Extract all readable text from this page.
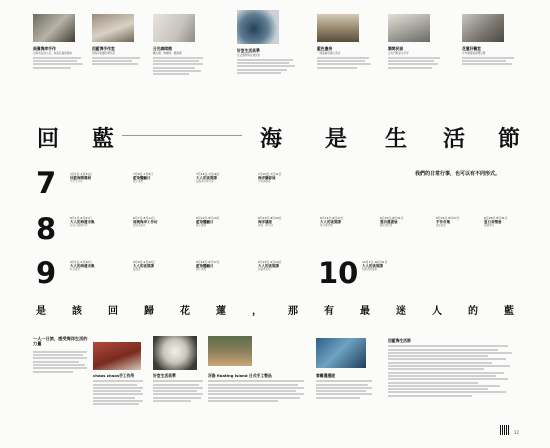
南濱海岸手作
以海為名的小店，收集花蓮的海味
回藍海手作室
把海洋的顏色帶回家
日光咖啡館
曬太陽、喝咖啡、聽海聲
好室生活美學
生活器物與在地設計
藍色書房
一間面海的獨立書店
潮間民宿
走出門就是太平洋
花蓮好藝室
手作課程與展覽空間
回 藍	海 是 生 活 節
我們的日常行事，也可以有不同形式。
7	7月1日-7月31日
回藍海開幕展
手作工作坊
7月8日-7月9日
藍染體驗日
親子課程
7月14日-7月16日
大人的夜間課
海邊漫步與分享
7月20日-7月31日
海洋攝影展
市集與講座
8	8月1日-8月31日
大人的海邊市集
在地小農與手作
8月7日-8月11日
南濱海岸工作坊
漂流木創作
8月12日-8月13日
藍染體驗日
親子課程
8月19日-8月20日
海洋講座
與海一起生活
8月21日-8月27日
大人的夜間課
星空與浪聲
8月23日-8月31日
書店選書展
關於海的書
8月26日-8月27日
手作市集
週末限定
8月28日-8月31日
夏日音樂會
海邊草地
9	9月1日-9月30日
大人的海邊市集
秋日限定
9月9日-9月10日
大人的夜間課
讀書會
9月16日-9月17日
藍染體驗日
親子課程
9月23日-9月24日
大人的夜間課
海邊電影院	10 10月1日-10月31日
大人的夜間課
回藍海閉幕展
是	該	回	歸	花	蓮	，	那	有	最	迷	人	的	藍
一人一日旅，感受海洋生活的力量
chaos chaos手工作所	好室生活美學	浮島 floating island 日式手工製品	春藝漫漫遊
回藍海生活節
22
